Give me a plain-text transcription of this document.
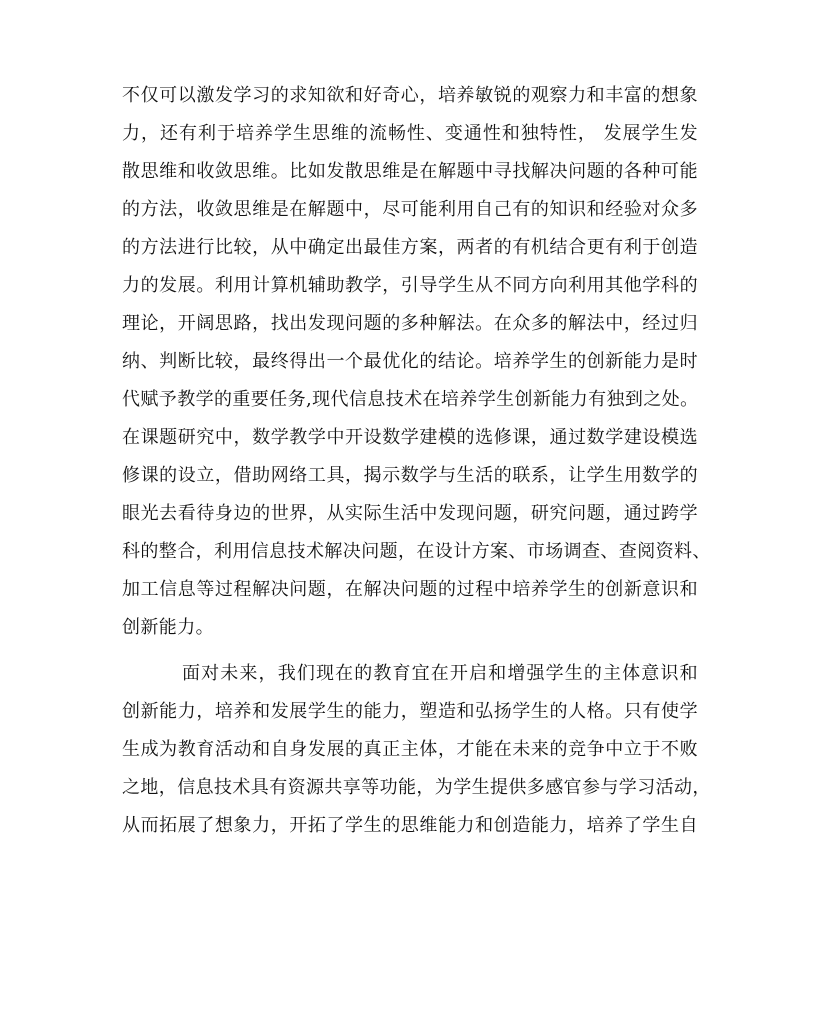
不仅可以激发学习的求知欲和好奇心，培养敏锐的观察力和丰富的想象
力，还有利于培养学生思维的流畅性、变通性和独特性， 发展学生发
散思维和收敛思维。比如发散思维是在解题中寻找解决问题的各种可能
的方法，收敛思维是在解题中，尽可能利用自己有的知识和经验对众多
的方法进行比较，从中确定出最佳方案，两者的有机结合更有利于创造
力的发展。利用计算机辅助教学，引导学生从不同方向利用其他学科的
理论，开阔思路，找出发现问题的多种解法。在众多的解法中，经过归
纳、判断比较，最终得出一个最优化的结论。培养学生的创新能力是时
代赋予教学的重要任务,现代信息技术在培养学生创新能力有独到之处。
在课题研究中，数学教学中开设数学建模的选修课，通过数学建设模选
修课的设立，借助网络工具，揭示数学与生活的联系，让学生用数学的
眼光去看待身边的世界，从实际生活中发现问题，研究问题，通过跨学
科的整合，利用信息技术解决问题，在设计方案、市场调查、查阅资料、
加工信息等过程解决问题，在解决问题的过程中培养学生的创新意识和
创新能力。
面对未来，我们现在的教育宜在开启和增强学生的主体意识和
创新能力，培养和发展学生的能力，塑造和弘扬学生的人格。只有使学
生成为教育活动和自身发展的真正主体，才能在未来的竞争中立于不败
之地，信息技术具有资源共享等功能，为学生提供多感官参与学习活动，
从而拓展了想象力，开拓了学生的思维能力和创造能力，培养了学生自
